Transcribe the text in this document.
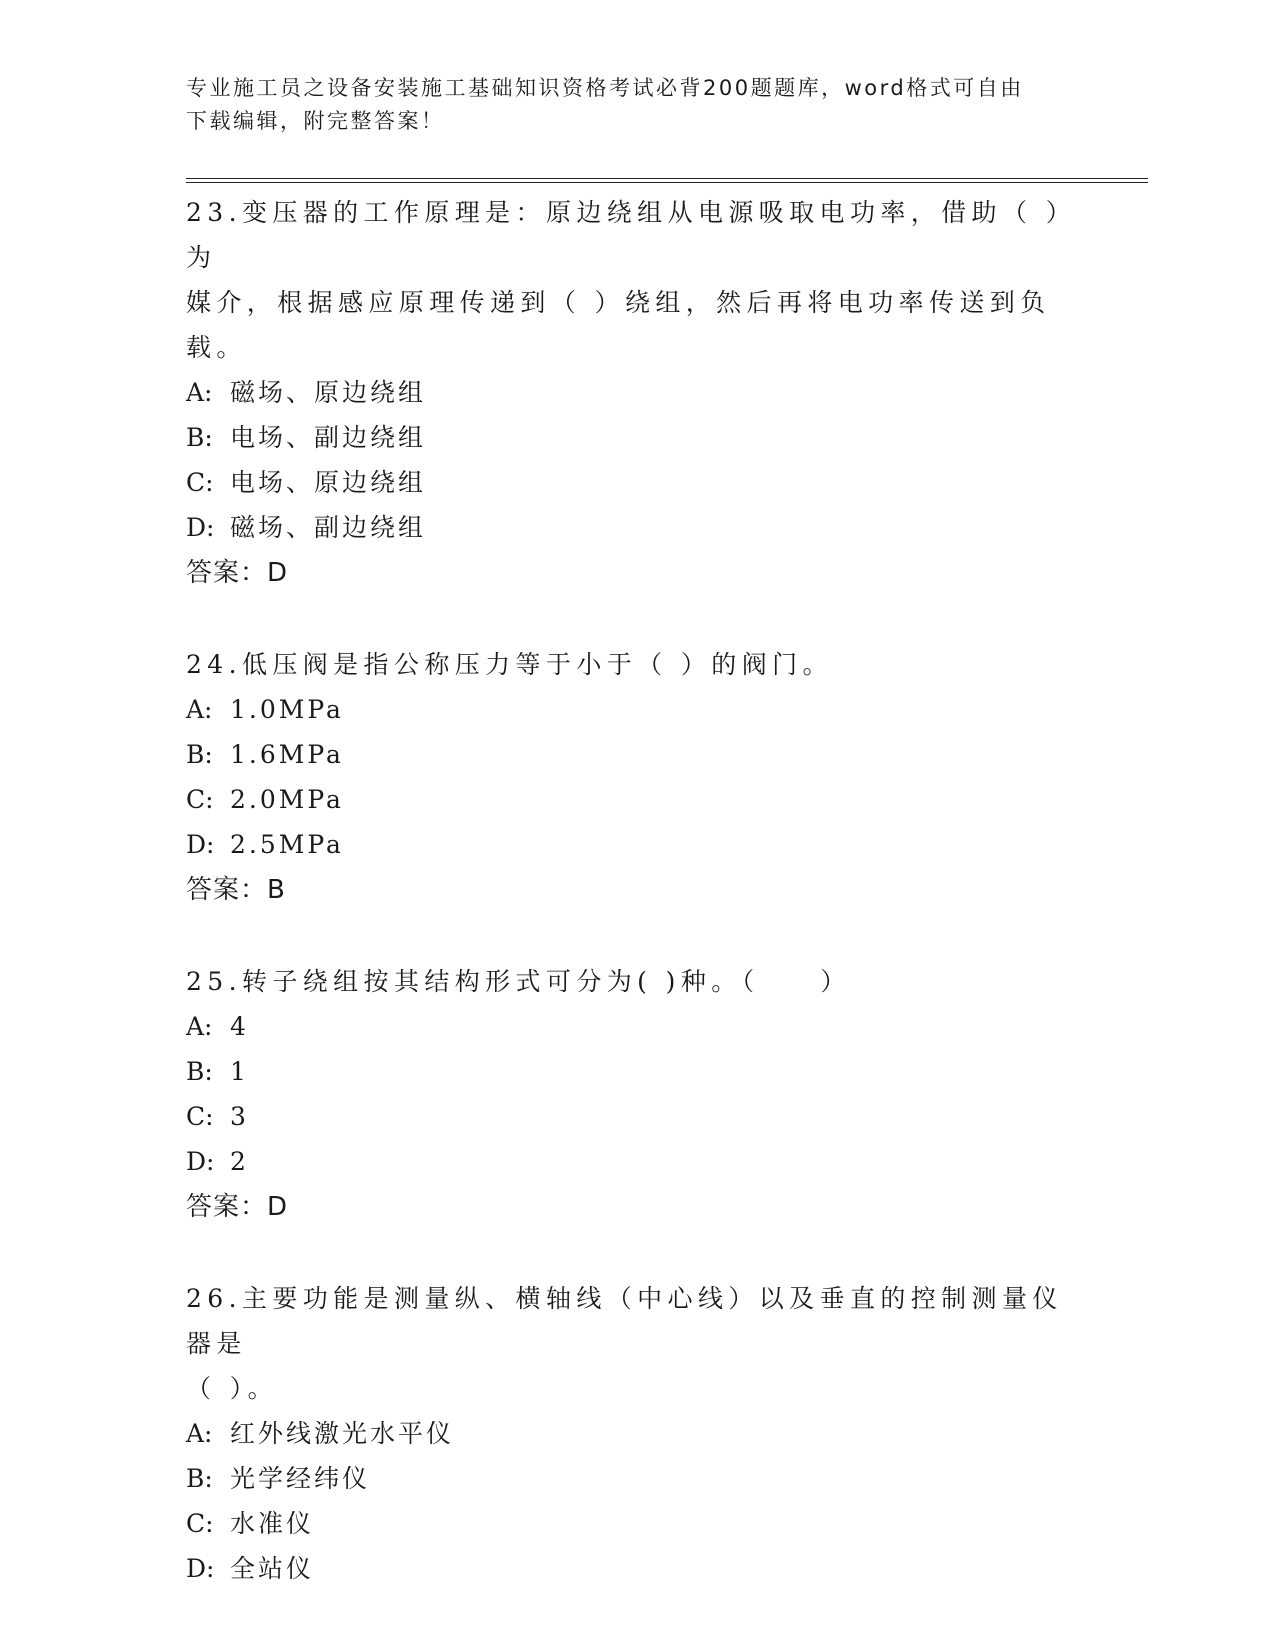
专业施工员之设备安装施工基础知识资格考试必背200题题库，word格式可自由
下载编辑，附完整答案！

23.变压器的工作原理是：原边绕组从电源吸取电功率，借助（ ）为

媒介，根据感应原理传递到（ ）绕组，然后再将电功率传送到负载。

A: 磁场、原边绕组

B: 电场、副边绕组

C: 电场、原边绕组

D: 磁场、副边绕组

答案：D

24.低压阀是指公称压力等于小于（ ）的阀门。

A: 1.0MPa

B: 1.6MPa

C: 2.0MPa

D: 2.5MPa

答案：B

25.转子绕组按其结构形式可分为( )种。（　　）

A: 4

B: 1

C: 3

D: 2

答案：D

26.主要功能是测量纵、横轴线（中心线）以及垂直的控制测量仪器是

（ ）。

A: 红外线激光水平仪

B: 光学经纬仪

C: 水准仪

D: 全站仪
